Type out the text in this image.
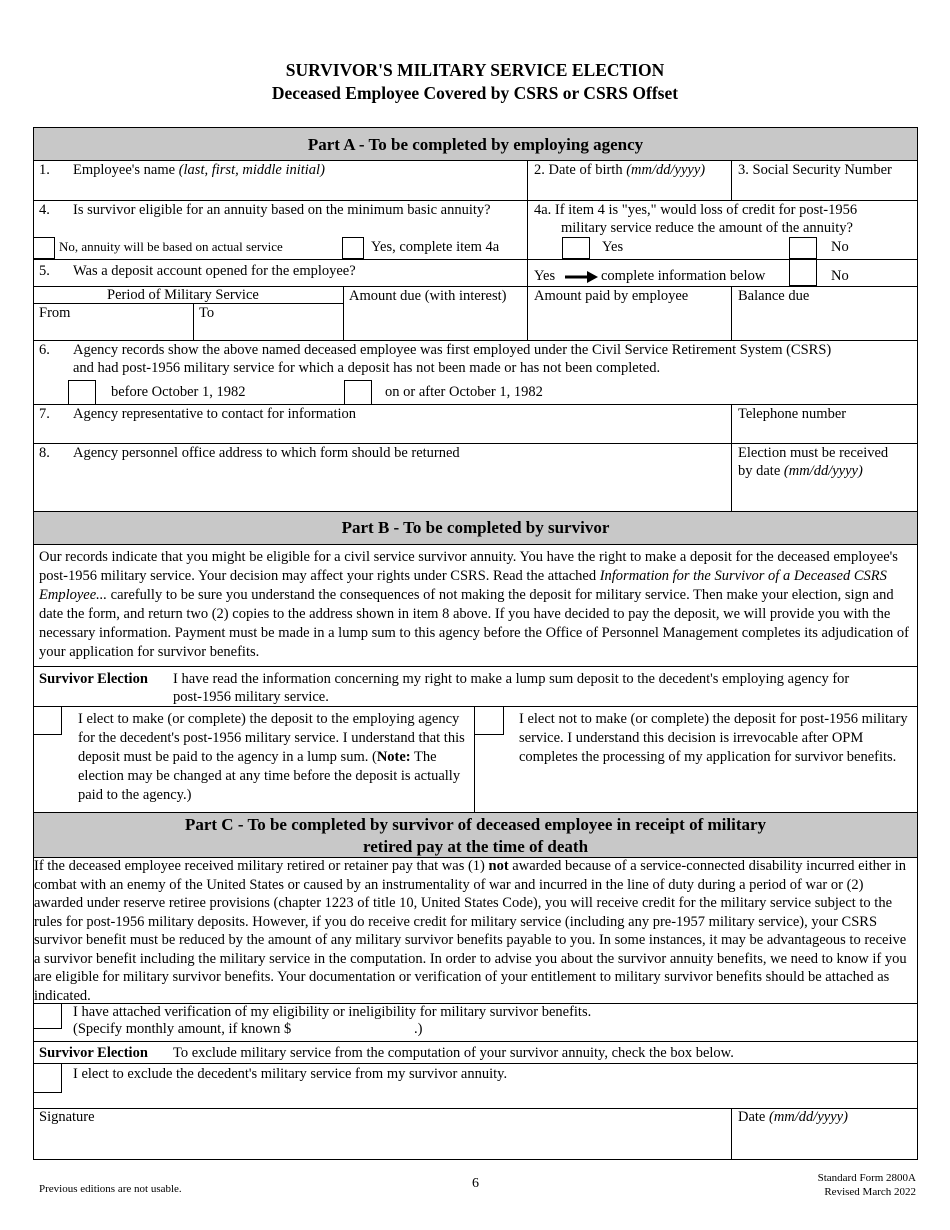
SURVIVOR'S MILITARY SERVICE ELECTION
Deceased Employee Covered by CSRS or CSRS Offset
Part A - To be completed by employing agency
1. Employee's name (last, first, middle initial)	2. Date of birth (mm/dd/yyyy) 3. Social Security Number
4. Is survivor eligible for an annuity based on the minimum basic annuity?
No, annuity will be based on actual service	Yes, complete item 4a
4a. If item 4 is "yes," would loss of credit for post-1956
military service reduce the amount of the annuity?
Yes	No
5. Was a deposit account opened for the employee?	Yes	complete information below	No
Period of Military Service
From	To
Amount due (with interest) Amount paid by employee	Balance due
6. Agency records show the above named deceased employee was first employed under the Civil Service Retirement System (CSRS)
and had post-1956 military service for which a deposit has not been made or has not been completed.
before October 1, 1982	on or after October 1, 1982
7. Agency representative to contact for information	Telephone number
8. Agency personnel office address to which form should be returned	Election must be received
by date (mm/dd/yyyy)
Part B - To be completed by survivor
Our records indicate that you might be eligible for a civil service survivor annuity. You have the right to make a deposit for the deceased employee's post-1956 military service. Your decision may affect your rights under CSRS. Read the attached Information for the Survivor of a Deceased CSRS Employee... carefully to be sure you understand the consequences of not making the deposit for military service. Then make your election, sign and date the form, and return two (2) copies to the address shown in item 8 above. If you have decided to pay the deposit, we will provide you with the necessary information. Payment must be made in a lump sum to this agency before the Office of Personnel Management completes its adjudication of your application for survivor benefits.
Survivor Election I have read the information concerning my right to make a lump sum deposit to the decedent's employing agency for
post-1956 military service.
I elect to make (or complete) the deposit to the employing agency for the decedent's post-1956 military service. I understand that this deposit must be paid to the agency in a lump sum. (Note: The election may be changed at any time before the deposit is actually paid to the agency.)
I elect not to make (or complete) the deposit for post-1956 military service. I understand this decision is irrevocable after OPM completes the processing of my application for survivor benefits.
Part C - To be completed by survivor of deceased employee in receipt of military
retired pay at the time of death
If the deceased employee received military retired or retainer pay that was (1) not awarded because of a service-connected disability incurred either in combat with an enemy of the United States or caused by an instrumentality of war and incurred in the line of duty during a period of war or (2) awarded under reserve retiree provisions (chapter 1223 of title 10, United States Code), you will receive credit for the military service subject to the rules for post-1956 military deposits. However, if you do receive credit for military service (including any pre-1957 military service), your CSRS survivor benefit must be reduced by the amount of any military survivor benefits payable to you. In some instances, it may be advantageous to receive a survivor benefit including the military service in the computation. In order to advise you about the survivor annuity benefits, we need to know if you are eligible for military survivor benefits. Your documentation or verification of your entitlement to military survivor benefits should be attached as indicated.
I have attached verification of my eligibility or ineligibility for military survivor benefits.
(Specify monthly amount, if known $	.)
Survivor Election To exclude military service from the computation of your survivor annuity, check the box below.
I elect to exclude the decedent's military service from my survivor annuity.
Signature	Date (mm/dd/yyyy)
Previous editions are not usable.	6	Standard Form 2800A
Revised March 2022
